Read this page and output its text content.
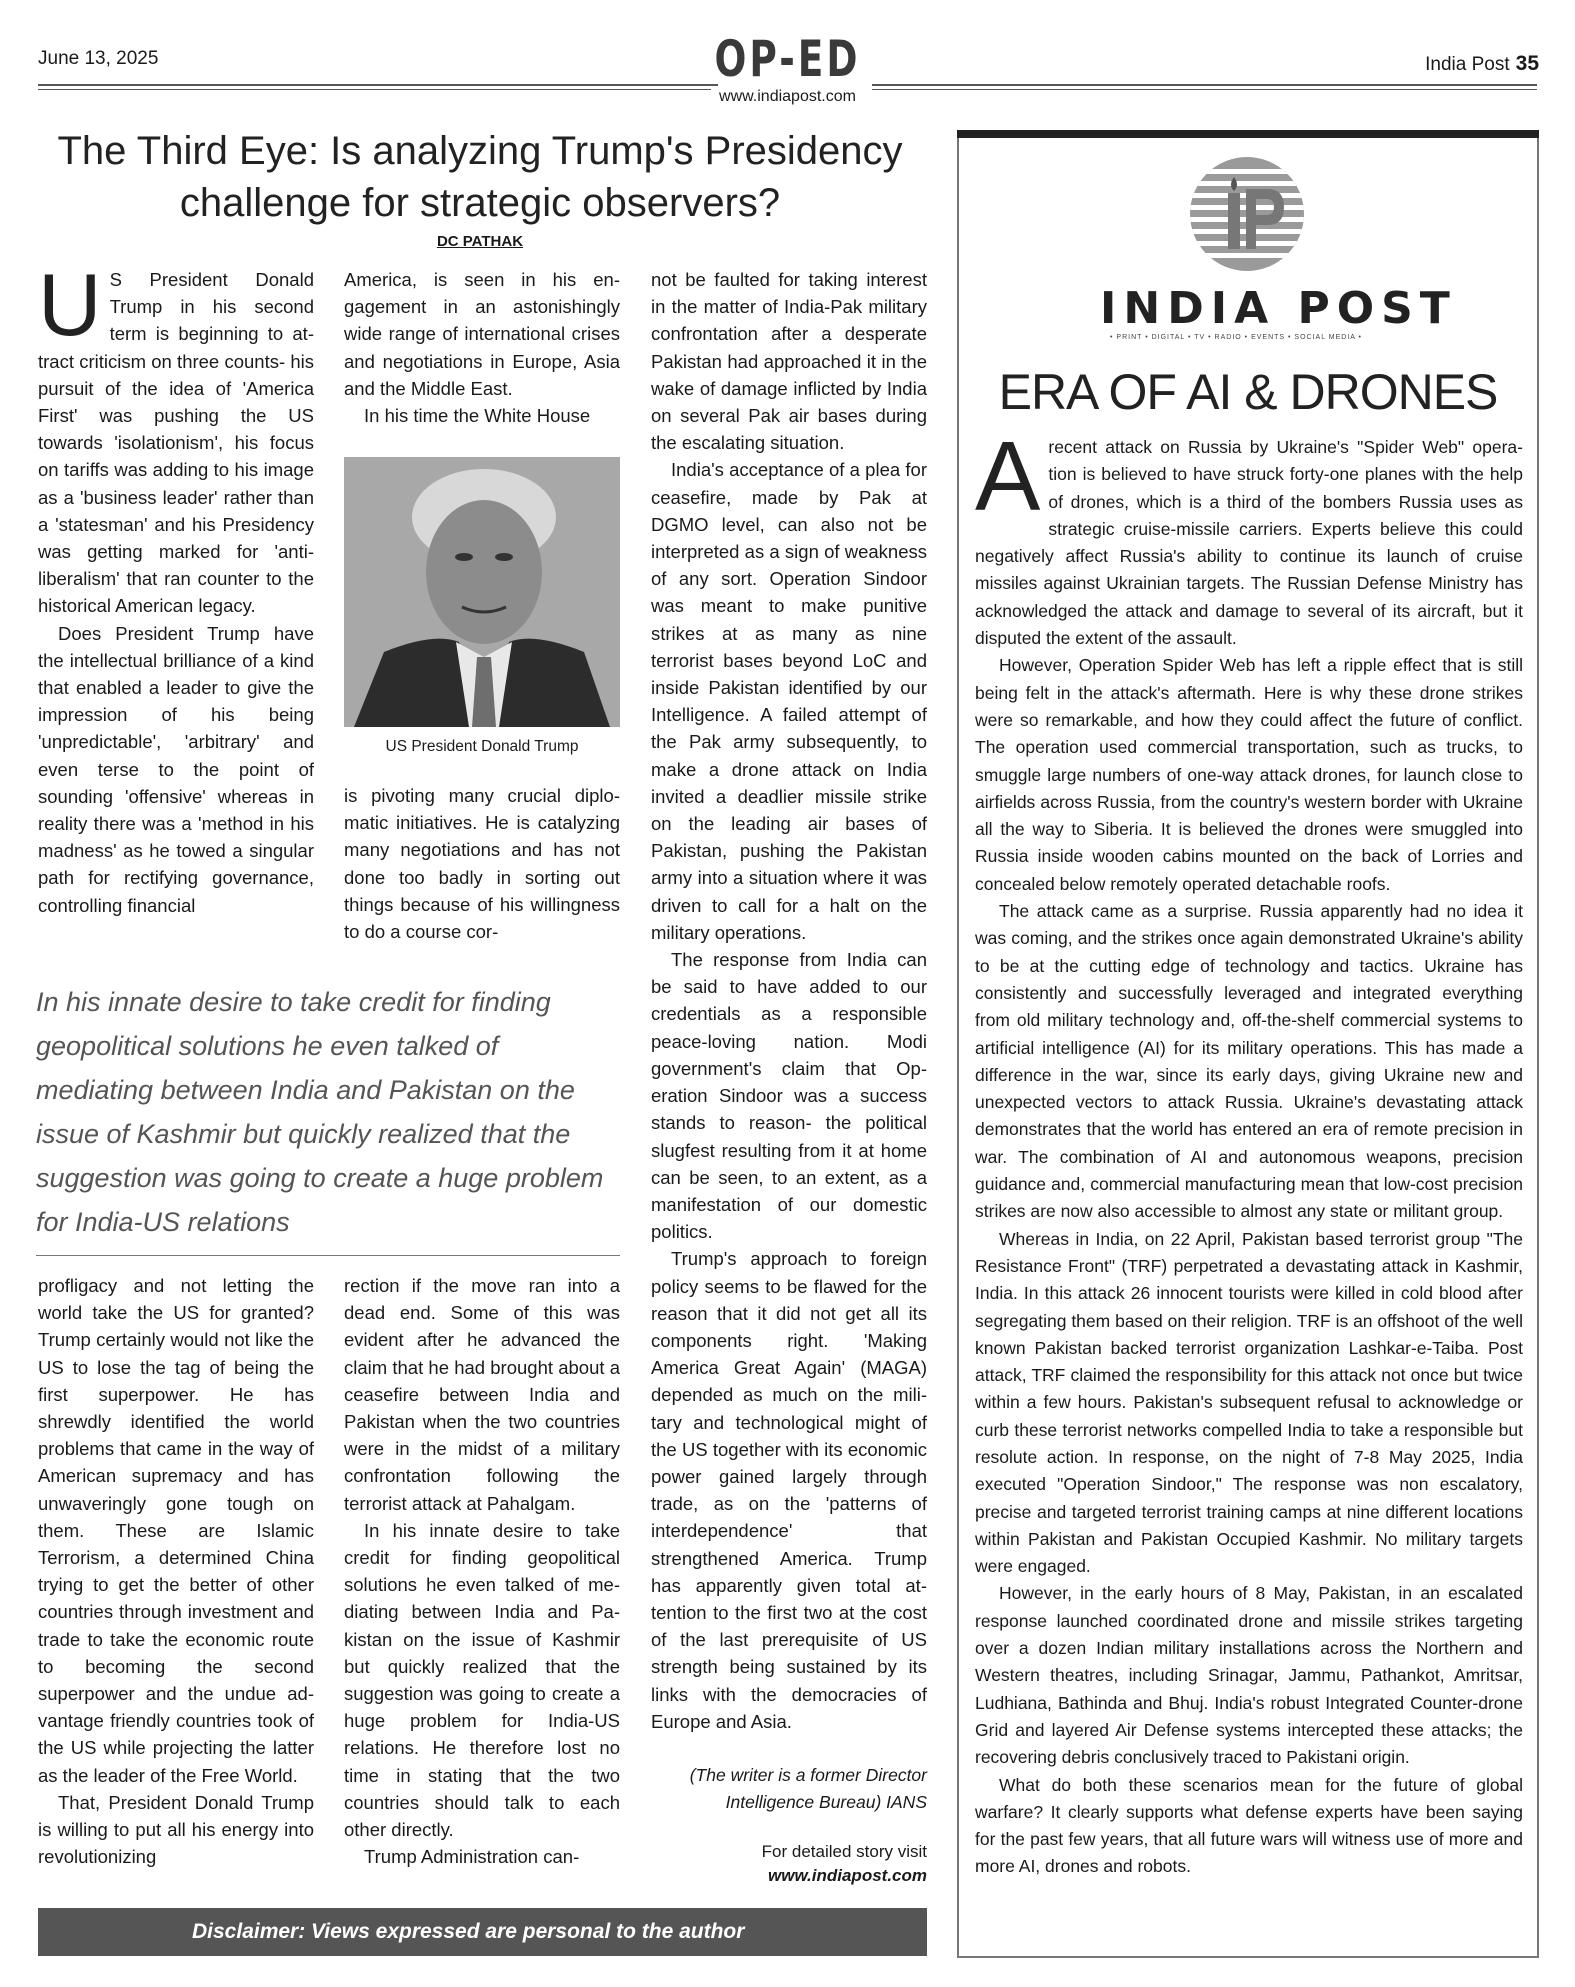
June 13, 2025	OP-ED
www.indiapost.com
India Post 35
The Third Eye: Is analyzing Trump's Presidency challenge for strategic observers?
DC PATHAK
U S President Donald Trump in his second term is beginning to attract criticism on three counts- his pursuit of the idea of 'America First' was pushing the US towards 'isolationism', his focus on tariffs was adding to his image as a 'business leader' rather than a 'statesman' and his Presidency was getting marked for 'anti-liberalism' that ran counter to the historical American legacy.

Does President Trump have the intellectual brilliance of a kind that enabled a leader to give the impression of his being 'unpredictable', 'arbitrary' and even terse to the point of sounding 'offensive' whereas in reality there was a 'method in his madness' as he towed a singular path for rectifying governance, controlling financial

America, is seen in his engagement in an astonishingly wide range of international crises and negotiations in Europe, Asia and the Middle East.

In his time the White House

US President Donald Trump

is pivoting many crucial diplomatic initiatives. He is catalyzing many negotiations and has not done too badly in sorting out things because of his willingness to do a course cor-

not be faulted for taking interest in the matter of India-Pak military confrontation after a desperate Pakistan had approached it in the wake of damage inflicted by India on several Pak air bases during the escalating situation.

India's acceptance of a plea for ceasefire, made by Pak at DGMO level, can also not be interpreted as a sign of weakness of any sort. Operation Sindoor was meant to make punitive strikes at as many as nine terrorist bases beyond LoC and inside Pakistan identified by our Intelligence. A failed attempt of the Pak army subsequently, to make a drone attack on India invited a deadlier missile strike on the leading air bases of Pakistan, pushing the Pakistan army into a situation where it was driven to call for a halt on the military operations.

The response from India can be said to have added to our credentials as a responsible peace-loving nation. Modi government's claim that Operation Sindoor was a success stands to reason- the political slugfest resulting from it at home can be seen, to an extent, as a manifestation of our domestic politics.

Trump's approach to foreign policy seems to be flawed for the reason that it did not get all its components right. 'Making America Great Again' (MAGA) depended as much on the military and technological might of the US together with its economic power gained largely through trade, as on the 'patterns of interdependence' that strengthened America. Trump has apparently given total attention to the first two at the cost of the last prerequisite of US strength being sustained by its links with the democracies of Europe and Asia.

In his innate desire to take credit for finding geopolitical solutions he even talked of mediating between India and Pakistan on the issue of Kashmir but quickly realized that the suggestion was going to create a huge problem for India-US relations

profligacy and not letting the world take the US for granted? Trump certainly would not like the US to lose the tag of being the first superpower. He has shrewdly identified the world problems that came in the way of American supremacy and has unwaveringly gone tough on them. These are Islamic Terrorism, a determined China trying to get the better of other countries through investment and trade to take the economic route to becoming the second superpower and the undue advantage friendly countries took of the US while projecting the latter as the leader of the Free World.

That, President Donald Trump is willing to put all his energy into revolutionizing

rection if the move ran into a dead end. Some of this was evident after he advanced the claim that he had brought about a ceasefire between India and Pakistan when the two countries were in the midst of a military confrontation following the terrorist attack at Pahalgam.

In his innate desire to take credit for finding geopolitical solutions he even talked of mediating between India and Pakistan on the issue of Kashmir but quickly realized that the suggestion was going to create a huge problem for India-US relations. He therefore lost no time in stating that the two countries should talk to each other directly.

Trump Administration can-

(The writer is a former Director Intelligence Bureau) IANS
For detailed story visit
www.indiapost.com
Disclaimer: Views expressed are personal to the author
INDIA POST
• PRINT • DIGITAL • TV • RADIO • EVENTS • SOCIAL MEDIA •
ERA OF AI & DRONES
A recent attack on Russia by Ukraine's "Spider Web" opera-tion is believed to have struck forty-one planes with the help of drones, which is a third of the bombers Russia uses as strategic cruise-missile carriers. Experts believe this could negatively affect Russia's ability to continue its launch of cruise missiles against Ukrainian targets. The Russian Defense Ministry has acknowledged the attack and damage to several of its aircraft, but it disputed the extent of the assault.

However, Operation Spider Web has left a ripple effect that is still being felt in the attack's aftermath. Here is why these drone strikes were so remarkable, and how they could affect the future of conflict. The operation used commercial transportation, such as trucks, to smuggle large numbers of one-way attack drones, for launch close to airfields across Russia, from the country's western border with Ukraine all the way to Siberia. It is believed the drones were smuggled into Russia inside wooden cabins mounted on the back of Lorries and concealed below remotely operated detachable roofs.

The attack came as a surprise. Russia apparently had no idea it was coming, and the strikes once again demonstrated Ukraine's ability to be at the cutting edge of technology and tactics. Ukraine has consistently and successfully leveraged and integrated everything from old military technology and, off-the-shelf commercial systems to artificial intelligence (AI) for its military operations. This has made a difference in the war, since its early days, giving Ukraine new and unexpected vectors to attack Russia. Ukraine's devastating attack demonstrates that the world has entered an era of remote precision in war. The combination of AI and autonomous weapons, precision guidance and, commercial manufacturing mean that low-cost precision strikes are now also accessible to almost any state or militant group.

Whereas in India, on 22 April, Pakistan based terrorist group "The Resistance Front" (TRF) perpetrated a devastating attack in Kashmir, India. In this attack 26 innocent tourists were killed in cold blood after segregating them based on their religion. TRF is an offshoot of the well known Pakistan backed terrorist organization Lashkar-e-Taiba. Post attack, TRF claimed the responsibility for this attack not once but twice within a few hours. Pakistan's subsequent refusal to acknowledge or curb these terrorist networks compelled India to take a responsible but resolute action. In response, on the night of 7-8 May 2025, India executed "Operation Sindoor," The response was non escalatory, precise and targeted terrorist training camps at nine different locations within Pakistan and Pakistan Occupied Kashmir. No military targets were engaged.

However, in the early hours of 8 May, Pakistan, in an escalated response launched coordinated drone and missile strikes targeting over a dozen Indian military installations across the Northern and Western theatres, including Srinagar, Jammu, Pathankot, Amritsar, Ludhiana, Bathinda and Bhuj. India's robust Integrated Counter-drone Grid and layered Air Defense systems intercepted these attacks; the recovering debris conclusively traced to Pakistani origin.

What do both these scenarios mean for the future of global warfare? It clearly supports what defense experts have been saying for the past few years, that all future wars will witness use of more and more AI, drones and robots.
